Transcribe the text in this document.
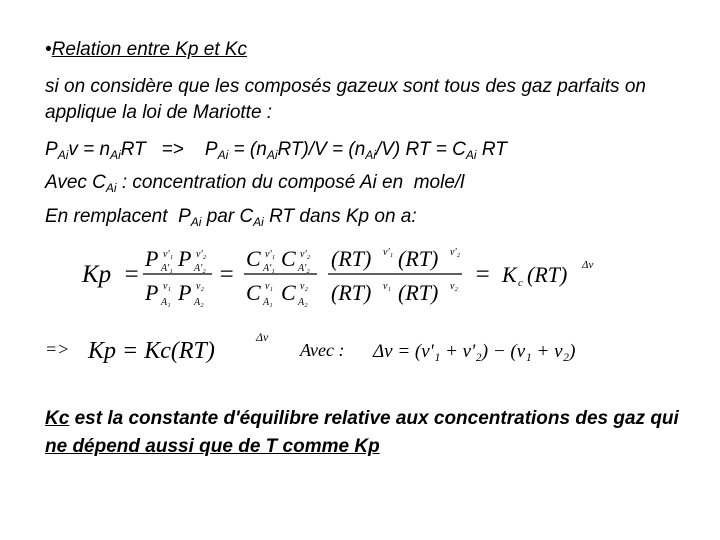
•Relation entre Kp et Kc
si on considère que les composés gazeux sont tous des gaz parfaits on
applique la loi de Mariotte :
$P_{Ai}v = n_{Ai}RT$   =>    $P_{Ai} = (n_{Ai}RT)/V = (n_{Ai}/V)$ RT = $C_{Ai}$ RT
Avec $C_{Ai}$ : concentration du composé Ai en  mole/l
En remplacent  $P_{Ai}$ par $C_{Ai}$ RT dans Kp on a:
Kp =
P ν'₁
A'₁ P ν'₂
A'₂
P ν₁
A₁ P ν₂
A₂
=
C ν'₁
A'₁ C ν'₂
A'₂
C ν₁
A₁ C ν₂
A₂
(RT) ν'₁ (RT) ν'₂
(RT) ν₁ (RT) ν₂ = K c (RT) Δν
=> Kp = Kc(RT)
Δν
Avec : Δν = (ν'₁ + ν'₂) − (ν₁ + ν₂)
Kc est la constante d'équilibre relative aux concentrations des gaz qui
ne dépend aussi que de T comme Kp
